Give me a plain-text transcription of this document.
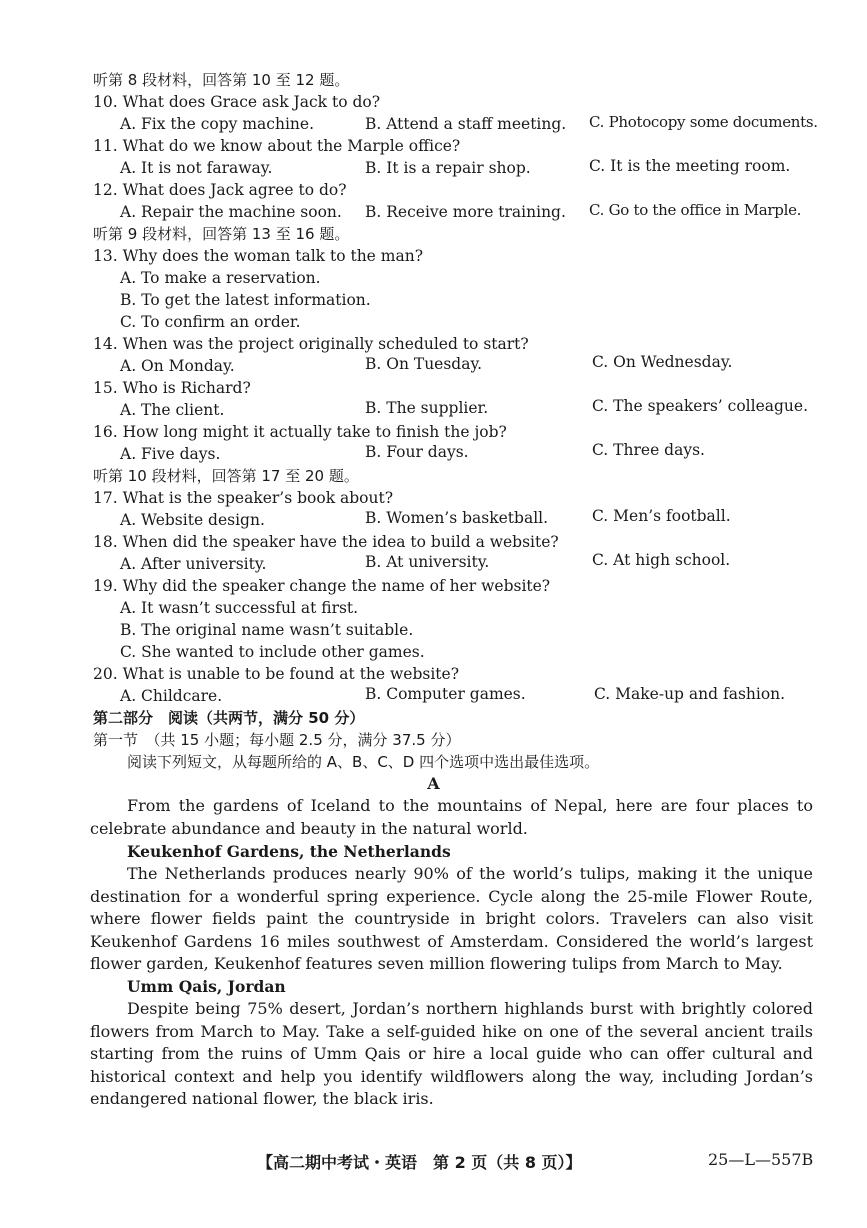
听第 8 段材料，回答第 10 至 12 题。
10. What does Grace ask Jack to do?
A. Fix the copy machine.	B. Attend a staff meeting. C. Photocopy some documents.
11. What do we know about the Marple office?
A. It is not faraway.	B. It is a repair shop.	C. It is the meeting room.
12. What does Jack agree to do?
A. Repair the machine soon. B. Receive more training. C. Go to the office in Marple.
听第 9 段材料，回答第 13 至 16 题。
13. Why does the woman talk to the man?
A. To make a reservation.
B. To get the latest information.
C. To confirm an order.
14. When was the project originally scheduled to start?
A. On Monday.	B. On Tuesday.	C. On Wednesday.
15. Who is Richard?
A. The client.	B. The supplier.	C. The speakers’ colleague.
16. How long might it actually take to finish the job?
A. Five days.	B. Four days.	C. Three days.
听第 10 段材料，回答第 17 至 20 题。
17. What is the speaker’s book about?
A. Website design.	B. Women’s basketball.	C. Men’s football.
18. When did the speaker have the idea to build a website?
A. After university.	B. At university.	C. At high school.
19. Why did the speaker change the name of her website?
A. It wasn’t successful at first.
B. The original name wasn’t suitable.
C. She wanted to include other games.
20. What is unable to be found at the website?
A. Childcare.	B. Computer games.	C. Make-up and fashion.
第二部分　阅读（共两节，满分 50 分）
第一节　（共 15 小题；每小题 2.5 分，满分 37.5 分）
阅读下列短文，从每题所给的 A、B、C、D 四个选项中选出最佳选项。
A
From the gardens of Iceland to the mountains of Nepal, here are four places to celebrate abundance and beauty in the natural world.
Keukenhof Gardens, the Netherlands
The Netherlands produces nearly 90% of the world’s tulips, making it the unique destination for a wonderful spring experience. Cycle along the 25-mile Flower Route, where flower fields paint the countryside in bright colors. Travelers can also visit Keukenhof Gardens 16 miles southwest of Amsterdam. Considered the world’s largest flower garden, Keukenhof features seven million flowering tulips from March to May.
Umm Qais, Jordan
Despite being 75% desert, Jordan’s northern highlands burst with brightly colored flowers from March to May. Take a self-guided hike on one of the several ancient trails starting from the ruins of Umm Qais or hire a local guide who can offer cultural and historical context and help you identify wildflowers along the way, including Jordan’s endangered national flower, the black iris.
【高二期中考试・英语　第 2 页（共 8 页）】	25—L—557B
